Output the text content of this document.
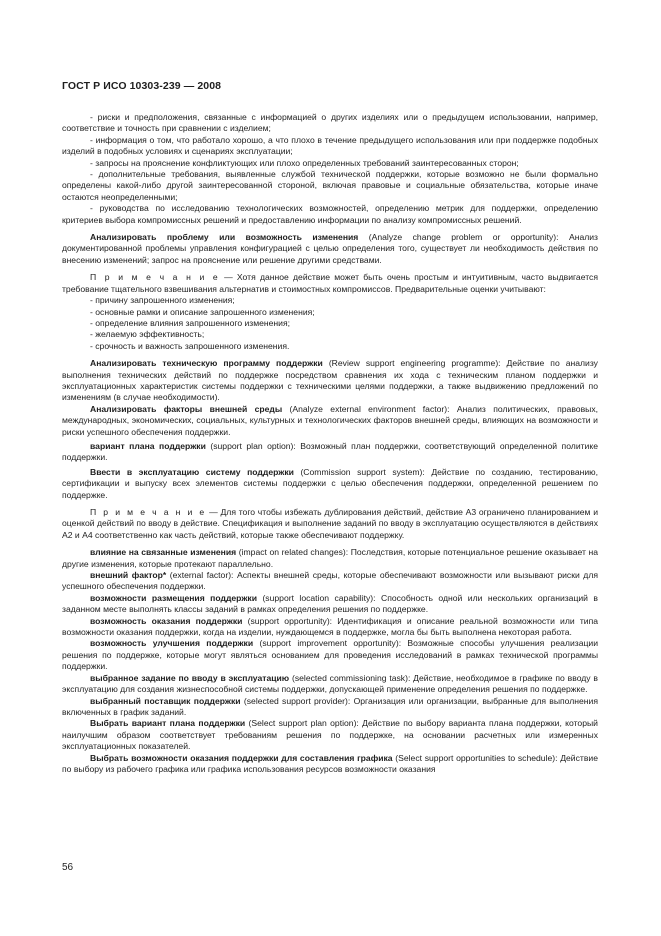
ГОСТ Р ИСО 10303-239 — 2008

- риски и предположения, связанные с информацией о других изделиях или о предыдущем использовании, например, соответствие и точность при сравнении с изделием;

- информация о том, что работало хорошо, а что плохо в течение предыдущего использования или при поддержке подобных изделий в подобных условиях и сценариях эксплуатации;

- запросы на прояснение конфликтующих или плохо определенных требований заинтересованных сторон;

- дополнительные требования, выявленные службой технической поддержки, которые возможно не были формально определены какой-либо другой заинтересованной стороной, включая правовые и социальные обязательства, которые иначе остаются неопределенными;

- руководства по исследованию технологических возможностей, определению метрик для поддержки, определению критериев выбора компромиссных решений и предоставлению информации по анализу компромиссных решений.

Анализировать проблему или возможность изменения (Analyze change problem or opportunity): Анализ документированной проблемы управления конфигурацией с целью определения того, существует ли необходимость действия по внесению изменений; запрос на прояснение или решение другими средствами.

П р и м е ч а н и е — Хотя данное действие может быть очень простым и интуитивным, часто выдвигается требование тщательного взвешивания альтернатив и стоимостных компромиссов. Предварительные оценки учитывают:

- причину запрошенного изменения;

- основные рамки и описание запрошенного изменения;

- определение влияния запрошенного изменения;

- желаемую эффективность;

- срочность и важность запрошенного изменения.

Анализировать техническую программу поддержки (Review support engineering programme): Действие по анализу выполнения технических действий по поддержке посредством сравнения их хода с техническим планом поддержки и эксплуатационных характеристик системы поддержки с техническими целями поддержки, а также выдвижению предложений по изменениям (в случае необходимости).

Анализировать факторы внешней среды (Analyze external environment factor): Анализ политических, правовых, международных, экономических, социальных, культурных и технологических факторов внешней среды, влияющих на возможности и риски успешного обеспечения поддержки.

вариант плана поддержки (support plan option): Возможный план поддержки, соответствующий определенной политике поддержки.

Ввести в эксплуатацию систему поддержки (Commission support system): Действие по созданию, тестированию, сертификации и выпуску всех элементов системы поддержки с целью обеспечения поддержки, определенной решением по поддержке.

П р и м е ч а н и е — Для того чтобы избежать дублирования действий, действие А3 ограничено планированием и оценкой действий по вводу в действие. Спецификация и выполнение заданий по вводу в эксплуатацию осуществляются в действиях А2 и А4 соответственно как часть действий, которые также обеспечивают поддержку.

влияние на связанные изменения (impact on related changes): Последствия, которые потенциальное решение оказывает на другие изменения, которые протекают параллельно.

внешний фактор* (external factor): Аспекты внешней среды, которые обеспечивают возможности или вызывают риски для успешного обеспечения поддержки.

возможности размещения поддержки (support location capability): Способность одной или нескольких организаций в заданном месте выполнять классы заданий в рамках определения решения по поддержке.

возможность оказания поддержки (support opportunity): Идентификация и описание реальной возможности или типа возможности оказания поддержки, когда на изделии, нуждающемся в поддержке, могла бы быть выполнена некоторая работа.

возможность улучшения поддержки (support improvement opportunity): Возможные способы улучшения реализации решения по поддержке, которые могут являться основанием для проведения исследований в рамках технической программы поддержки.

выбранное задание по вводу в эксплуатацию (selected commissioning task): Действие, необходимое в графике по вводу в эксплуатацию для создания жизнеспособной системы поддержки, допускающей применение определения решения по поддержке.

выбранный поставщик поддержки (selected support provider): Организация или организации, выбранные для выполнения включенных в график заданий.

Выбрать вариант плана поддержки (Select support plan option): Действие по выбору варианта плана поддержки, который наилучшим образом соответствует требованиям решения по поддержке, на основании расчетных или измеренных эксплуатационных показателей.

Выбрать возможности оказания поддержки для составления графика (Select support opportunities to schedule): Действие по выбору из рабочего графика или графика использования ресурсов возможности оказания

56
